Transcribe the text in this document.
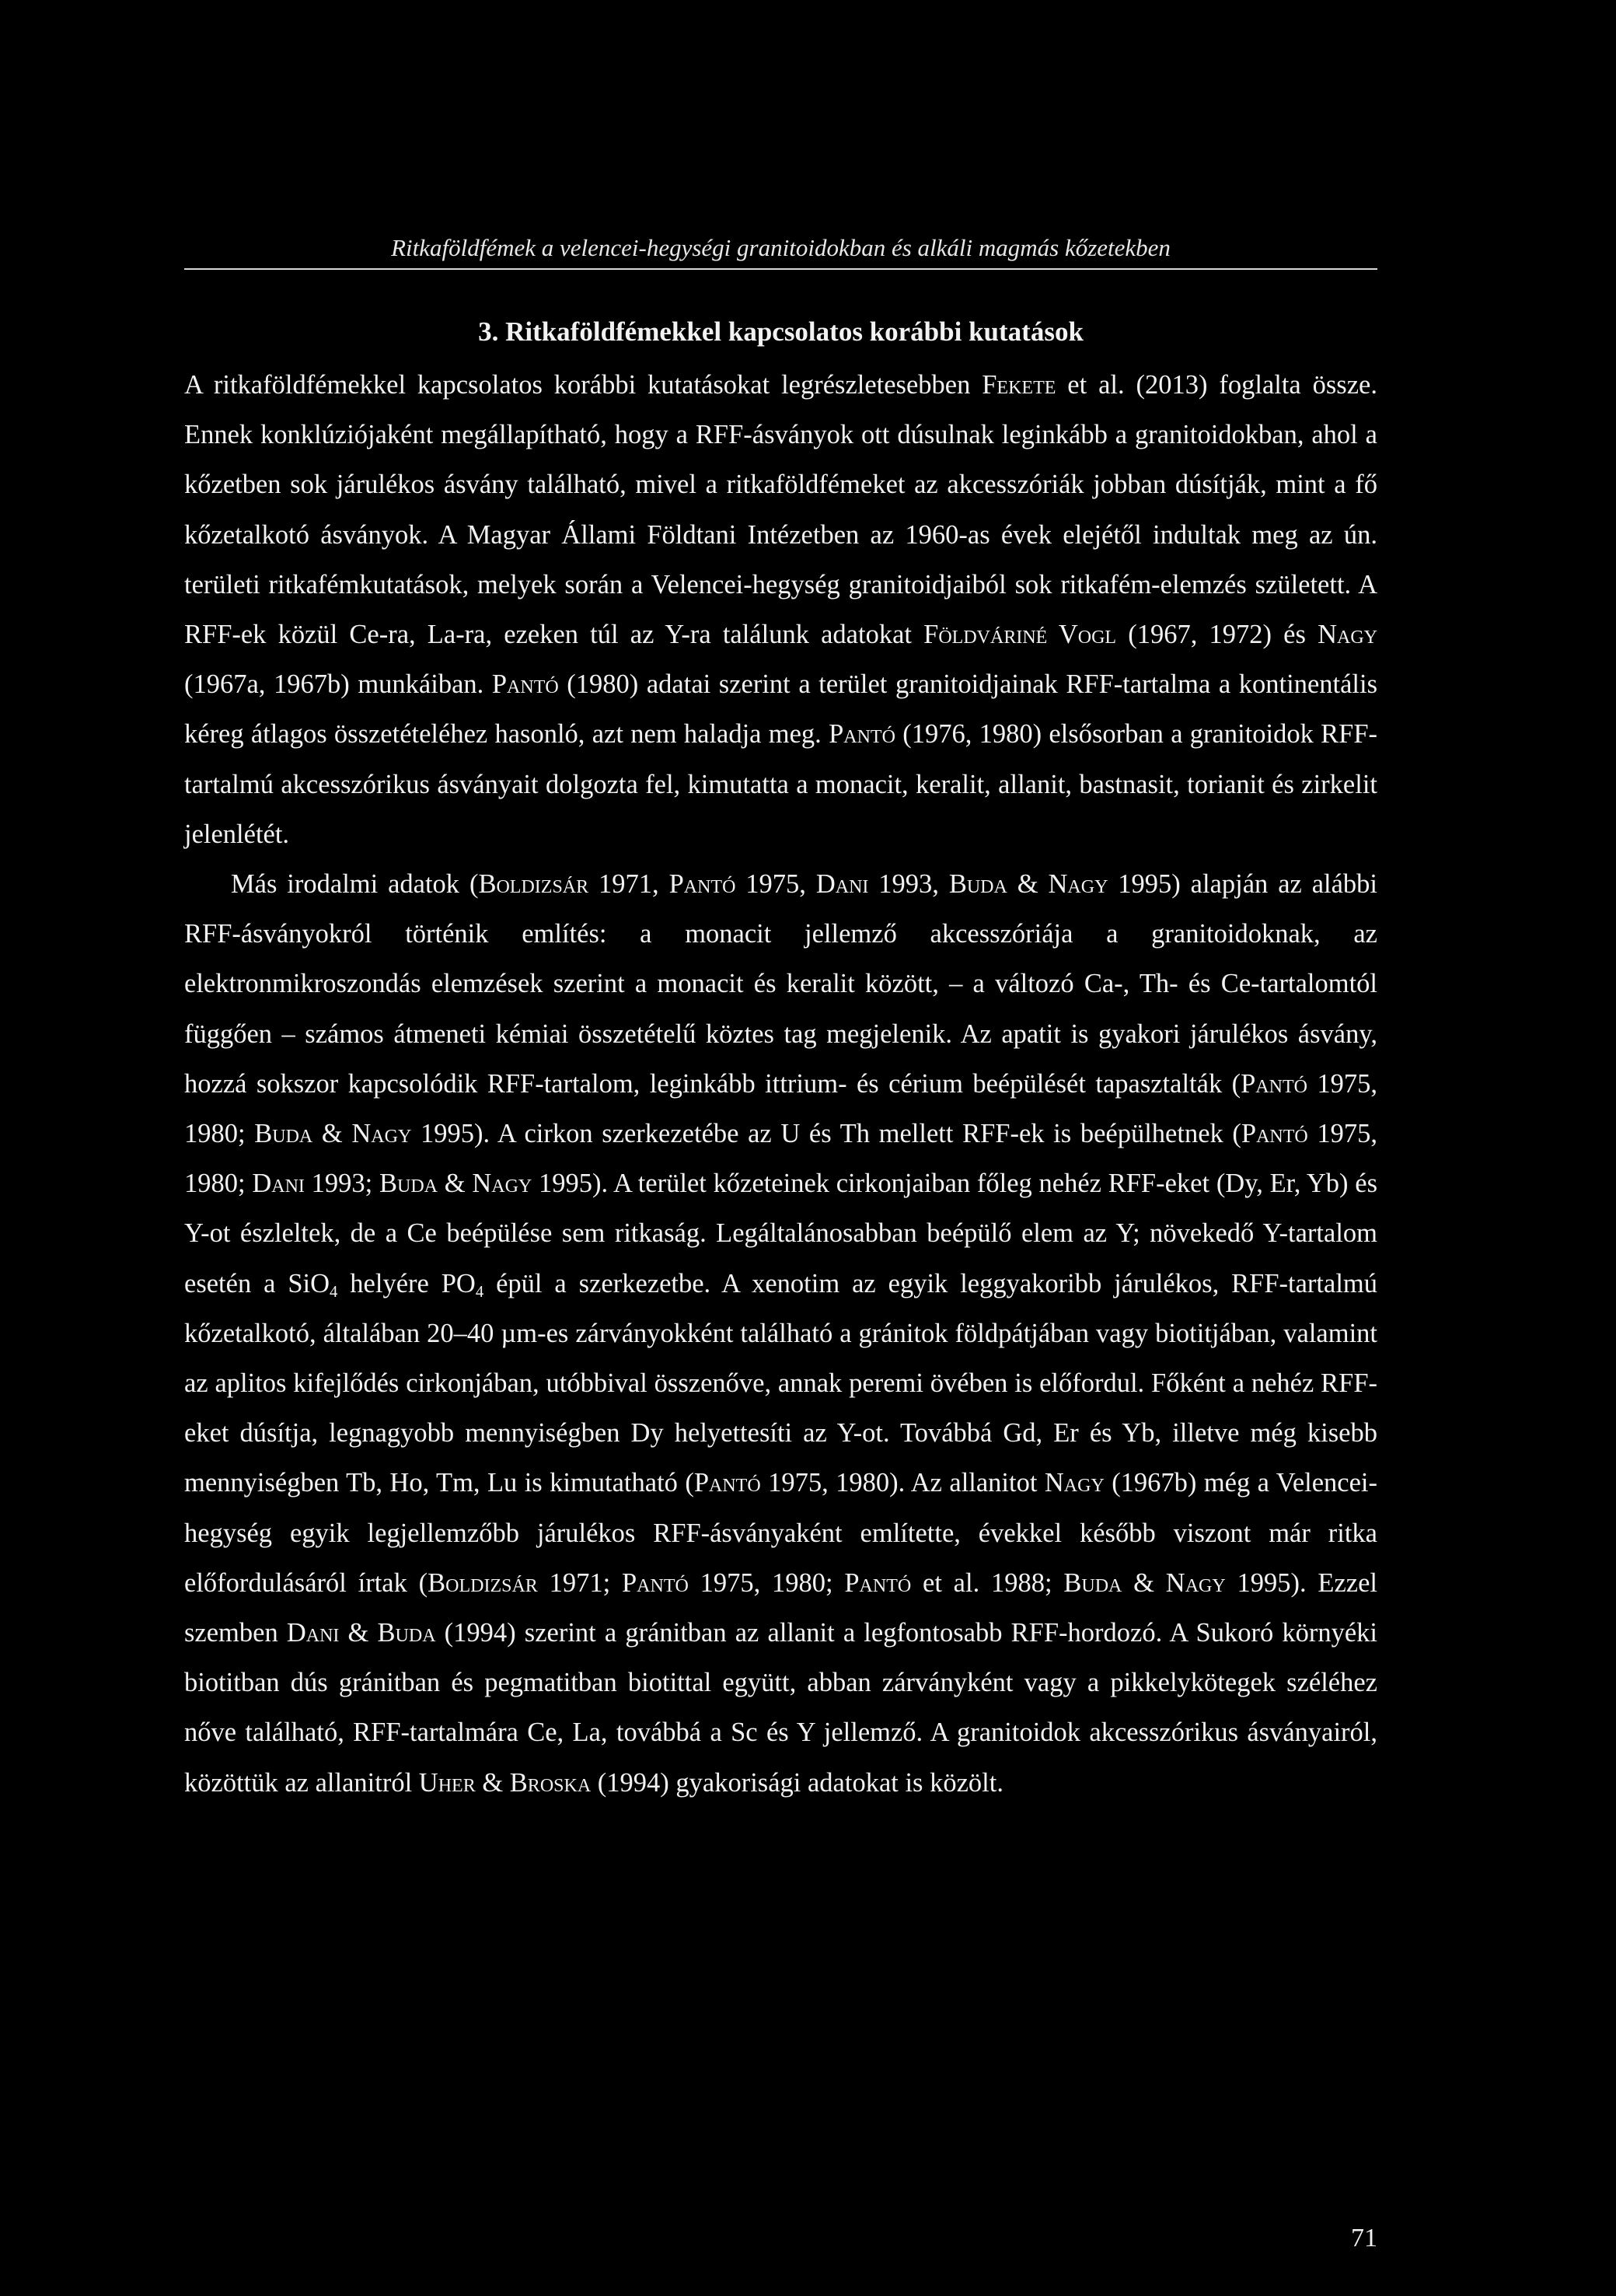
Ritkaföldfémek a velencei-hegységi granitoidokban és alkáli magmás kőzetekben
3. Ritkaföldfémekkel kapcsolatos korábbi kutatások

A ritkaföldfémekkel kapcsolatos korábbi kutatásokat legrészletesebben Fekete et al. (2013) foglalta össze. Ennek konklúziójaként megállapítható, hogy a RFF-ásványok ott dúsulnak leginkább a granitoidokban, ahol a kőzetben sok járulékos ásvány található, mivel a ritkaföldfémeket az akcesszóriák jobban dúsítják, mint a fő kőzetalkotó ásványok. A Magyar Állami Földtani Intézetben az 1960-as évek elejétől indultak meg az ún. területi ritkafémkutatások, melyek során a Velencei-hegység granitoidjaiból sok ritkafém-elemzés született. A RFF-ek közül Ce-ra, La-ra, ezeken túl az Y-ra találunk adatokat Földváriné Vogl (1967, 1972) és Nagy (1967a, 1967b) munkáiban. Pantó (1980) adatai szerint a terület granitoidjainak RFF-tartalma a kontinentális kéreg átlagos összetételéhez hasonló, azt nem haladja meg. Pantó (1976, 1980) elsősorban a granitoidok RFF-tartalmú akcesszórikus ásványait dolgozta fel, kimutatta a monacit, keralit, allanit, bastnasit, torianit és zirkelit jelenlétét.

Más irodalmi adatok (Boldizsár 1971, Pantó 1975, Dani 1993, Buda & Nagy 1995) alapján az alábbi RFF-ásványokról történik említés: a monacit jellemző akcesszóriája a granitoidoknak, az elektronmikroszondás elemzések szerint a monacit és keralit között, – a változó Ca-, Th- és Ce-tartalomtól függően – számos átmeneti kémiai összetételű köztes tag megjelenik. Az apatit is gyakori járulékos ásvány, hozzá sokszor kapcsolódik RFF-tartalom, leginkább ittrium- és cérium beépülését tapasztalták (Pantó 1975, 1980; Buda & Nagy 1995). A cirkon szerkezetébe az U és Th mellett RFF-ek is beépülhetnek (Pantó 1975, 1980; Dani 1993; Buda & Nagy 1995). A terület kőzeteinek cirkonjaiban főleg nehéz RFF-eket (Dy, Er, Yb) és Y-ot észleltek, de a Ce beépülése sem ritkaság. Legáltalánosabban beépülő elem az Y; növekedő Y-tartalom esetén a SiO$_4$ helyére $PO_4$ épül a szerkezetbe. A xenotim az egyik leggyakoribb járulékos, RFF-tartalmú kőzetalkotó, általában 20–40 µm-es zárványokként található a gránitok földpátjában vagy biotitjában, valamint az aplitos kifejlődés cirkonjában, utóbbival összenőve, annak peremi övében is előfordul. Főként a nehéz RFF-eket dúsítja, legnagyobb mennyiségben Dy helyettesíti az Y-ot. Továbbá Gd, Er és Yb, illetve még kisebb mennyiségben Tb, Ho, Tm, Lu is kimutatható (Pantó 1975, 1980). Az allanitot Nagy (1967b) még a Velencei-hegység egyik legjellemzőbb járulékos RFF-ásványaként említette, évekkel később viszont már ritka előfordulásáról írtak (Boldizsár 1971; Pantó 1975, 1980; Pantó et al. 1988; Buda & Nagy 1995). Ezzel szemben Dani & Buda (1994) szerint a gránitban az allanit a legfontosabb RFF-hordozó. A Sukoró környéki biotitban dús gránitban és pegmatitban biotittal együtt, abban zárványként vagy a pikkelykötegek széléhez nőve található, RFF-tartalmára Ce, La, továbbá a Sc és Y jellemző. A granitoidok akcesszórikus ásványairól, közöttük az allanitról Uher & Broska (1994) gyakorisági adatokat is közölt.

71
